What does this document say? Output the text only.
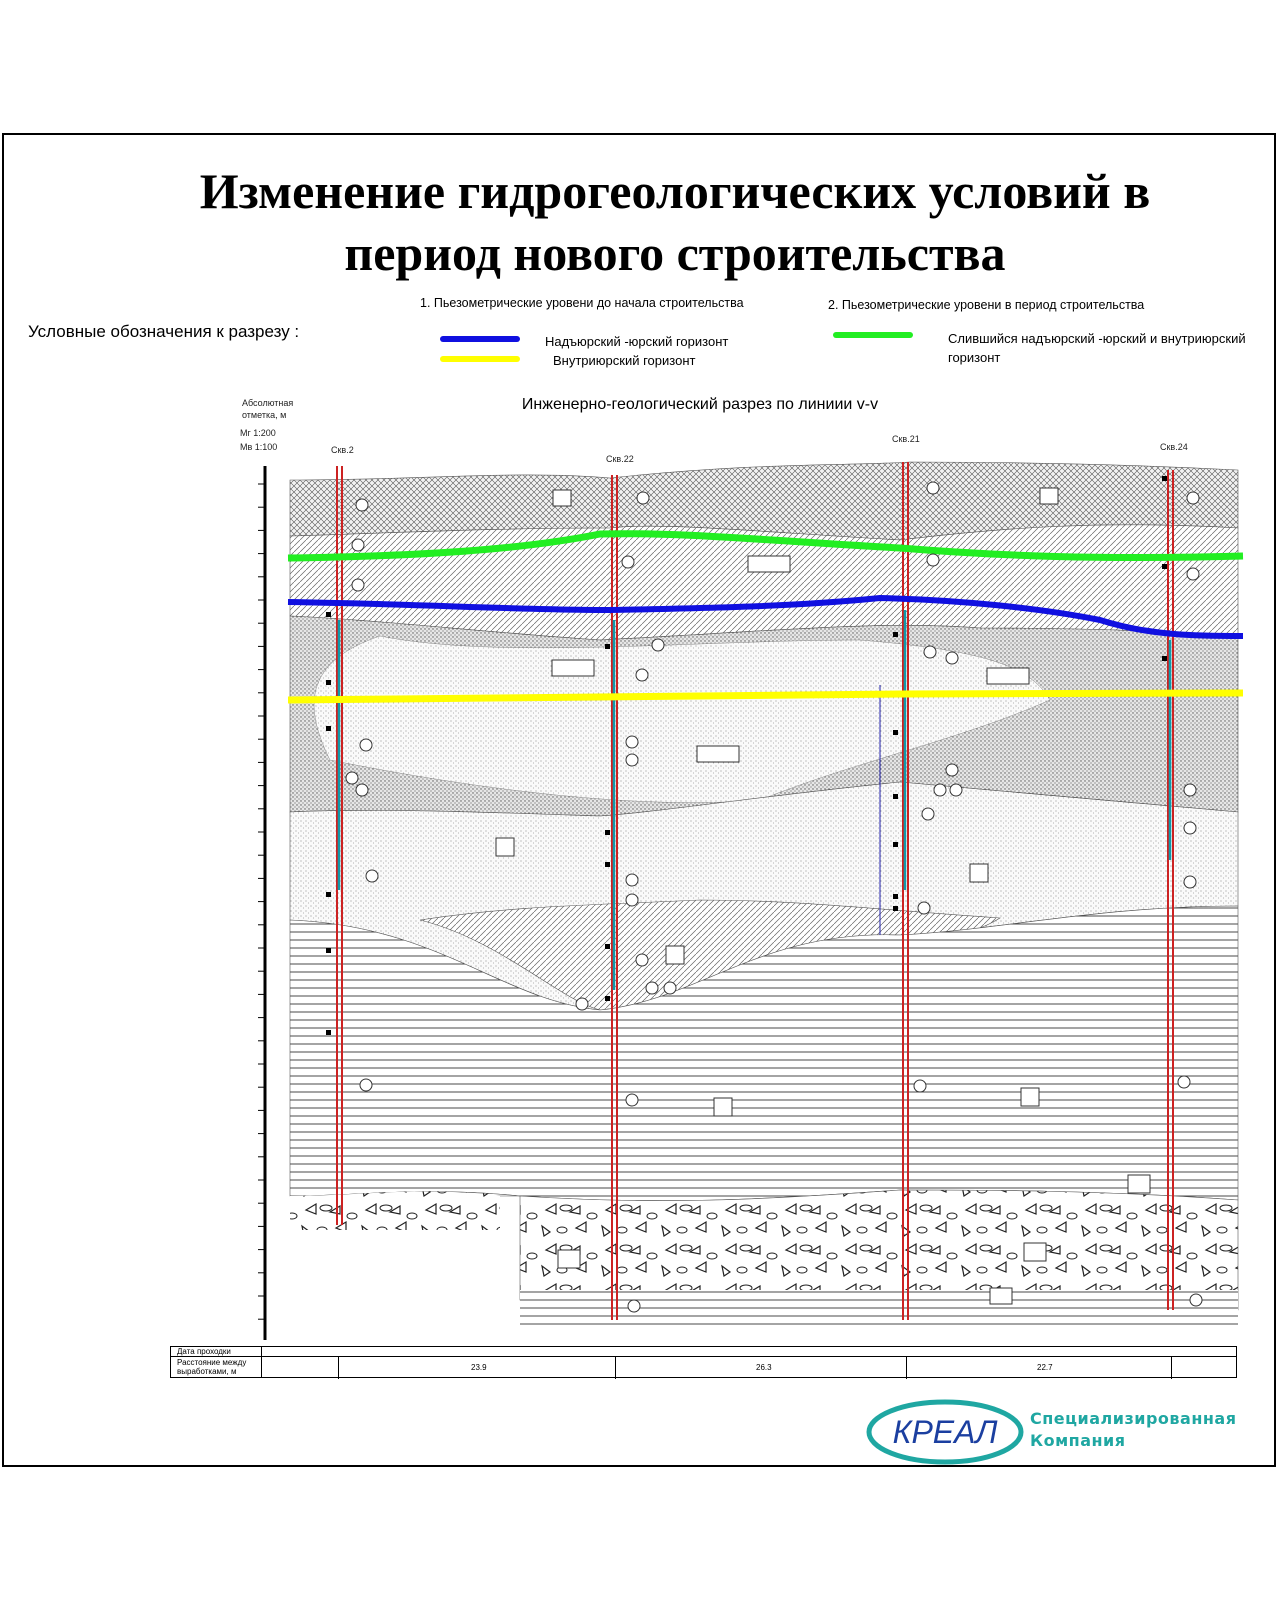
Изменение гидрогеологических условий в период нового строительства
Условные обозначения к разрезу :
1. Пьезометрические уровени до начала строительства	2. Пьезометрические уровени в период строительства
Надъюрский -юрский горизонт
Внутриюрский горизонт
Слившийся надъюрский -юрский и внутриюрский горизонт
Инженерно-геологический разрез по линиии v-v
Абсолютная
отметка, м
Мг 1:200
Мв 1:100	Скв.2
Скв.22
Скв.21
Скв.24
Дата проходки
Расстояние между выработками, м	23.9	26.3	22.7
КРЕАЛ Специализированная
Компания
